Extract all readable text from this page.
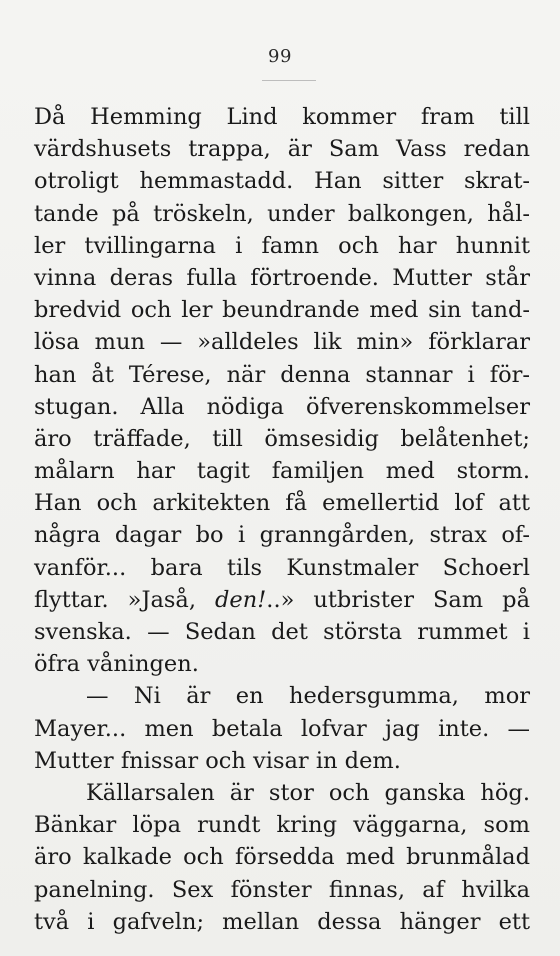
99
Då Hemming Lind kommer fram till
värdshusets trappa, är Sam Vass redan
otroligt hemmastadd. Han sitter skrat-
tande på tröskeln, under balkongen, hål-
ler tvillingarna i famn och har hunnit
vinna deras fulla förtroende. Mutter står
bredvid och ler beundrande med sin tand-
lösa mun — »alldeles lik min» förklarar
han åt Térese, när denna stannar i för-
stugan. Alla nödiga öfverenskommelser
äro träffade, till ömsesidig belåtenhet;
målarn har tagit familjen med storm.
Han och arkitekten få emellertid lof att
några dagar bo i granngården, strax of-
vanför... bara tils Kunstmaler Schoerl
flyttar. »Jaså, den!..» utbrister Sam på
svenska. — Sedan det största rummet i
öfra våningen.
— Ni är en hedersgumma, mor
Mayer... men betala lofvar jag inte. —
Mutter fnissar och visar in dem.
Källarsalen är stor och ganska hög.
Bänkar löpa rundt kring väggarna, som
äro kalkade och försedda med brunmålad
panelning. Sex fönster finnas, af hvilka
två i gafveln; mellan dessa hänger ett
